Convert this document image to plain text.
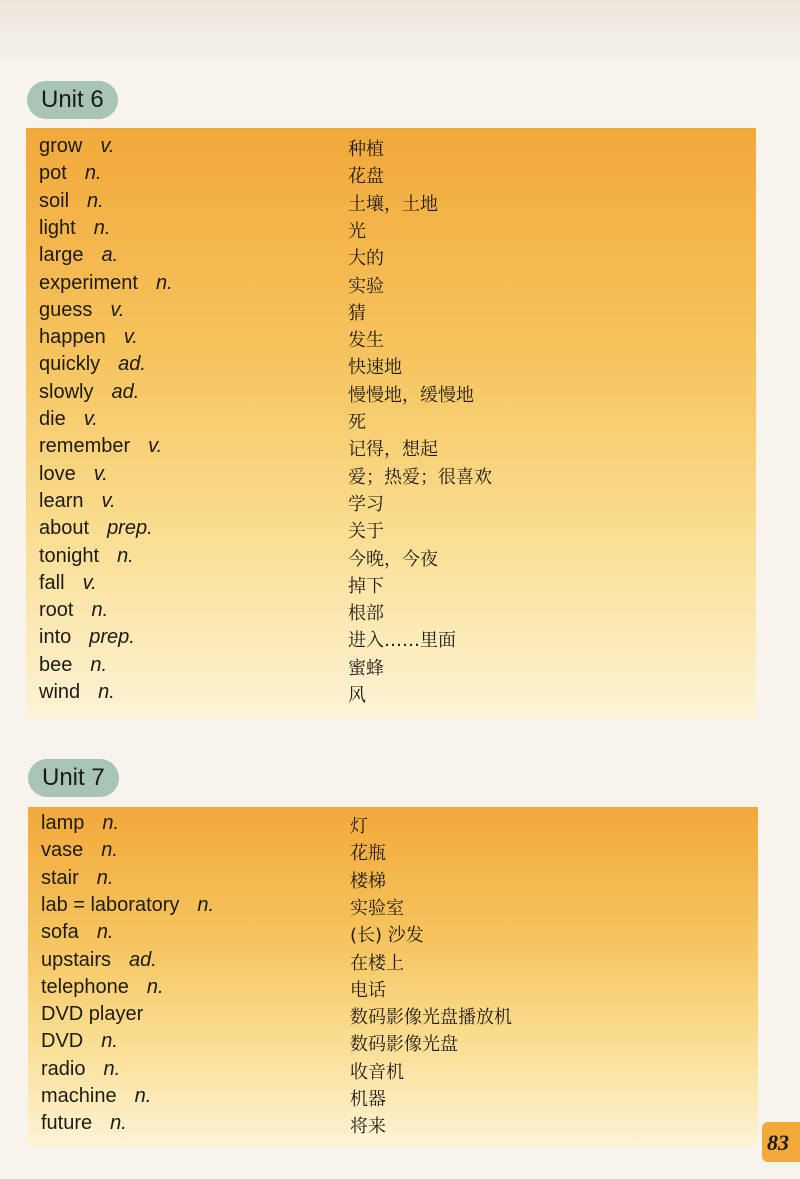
Unit 6
grow v.	种植
pot n.	花盘
soil n.	土壤，土地
light n.	光
large a.	大的
experiment n.	实验
guess v.	猜
happen v.	发生
quickly ad.	快速地
slowly ad.	慢慢地，缓慢地
die v.	死
remember v.	记得，想起
love v.	爱；热爱；很喜欢
learn v.	学习
about prep.	关于
tonight n.	今晚，今夜
fall v.	掉下
root n.	根部
into prep.	进入……里面
bee n.	蜜蜂
wind n.	风
Unit 7
lamp n.	灯
vase n.	花瓶
stair n.	楼梯
lab = laboratory n.	实验室
sofa n.	(长) 沙发
upstairs ad.	在楼上
telephone n.	电话
DVD player	数码影像光盘播放机
DVD n.	数码影像光盘
radio n.	收音机
machine n.	机器
future n.	将来
83
